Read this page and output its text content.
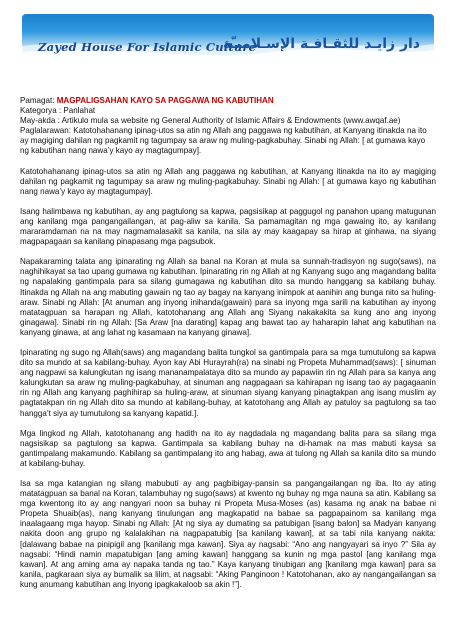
Zayed House For Islamic Culture
دار زايـد للثقـافـة الإسـلاميـّة

Pamagat: MAGPALIGSAHAN KAYO SA PAGGAWA NG KABUTIHAN

Kategorya : Panlahat

May-akda : Artikulo mula sa website ng General Authority of Islamic Affairs & Endowments (www.awqaf.ae)

Paglalarawan: Katotohahanang ipinag-utos sa atin ng Allah ang paggawa ng kabutihan, at Kanyang itinakda na ito ay magiging dahilan ng pagkamit ng tagumpay sa araw ng muling-pagkabuhay. Sinabi ng Allah: [ at gumawa kayo ng kabutihan nang nawa’y kayo ay magtagumpay].

Katotohahanang ipinag-utos sa atin ng Allah ang paggawa ng kabutihan, at Kanyang itinakda na ito ay magiging dahilan ng pagkamit ng tagumpay sa araw ng muling-pagkabuhay. Sinabi ng Allah: [ at gumawa kayo ng kabutihan nang nawa’y kayo ay magtagumpay].

Isang halimbawa ng kabutihan, ay ang pagtulong sa kapwa, pagsisikap at paggugol ng panahon upang matugunan ang kanilang mga pangangailangan, at pag-aliw sa kanila. Sa pamamagitan ng mga gawaing ito, ay kanilang mararamdaman na na may nagmamalasakit sa kanila, na sila ay may kaagapay sa hirap at ginhawa, na siyang magpapagaan sa kanilang pinapasang mga pagsubok.

Napakaraming talata ang ipinarating ng Allah sa banal na Koran at mula sa sunnah-tradisyon ng sugo(saws), na naghihikayat sa tao upang gumawa ng kabutihan. Ipinarating rin ng Allah at ng Kanyang sugo ang magandang balita ng napalaking gantimpala para sa silang gumagawa ng kabutihan dito sa mundo hanggang sa kabilang buhay. Itinakda ng Allah na ang mabuting gawain ng tao ay bagay na kanyang inimpok at aanihin ang bunga nito sa huling-araw. Sinabi ng Allah: [At anuman ang inyong inihanda(gawain) para sa inyong mga sarili na kabutihan ay inyong matatagpuan sa harapan ng Allah, katotohanang ang Allah ang Siyang nakakakita sa kung ano ang inyong ginagawa]. Sinabi rin ng Allah: [Sa Araw [na darating] kapag ang bawat tao ay haharapin lahat ang kabutihan na kanyang ginawa, at ang lahat ng kasamaan na kanyang ginawa].

Ipinarating ng sugo ng Allah(saws) ang magandang balita tungkol sa gantimpala para sa mga tumutulong sa kapwa dito sa mundo at sa kabilang-buhay. Ayon kay Abi Hurayrah(ra) na sinabi ng Propeta Muhammad(saws): [ sinuman ang nagpawi sa kalungkutan ng isang mananampalataya dito sa mundo ay papawiin rin ng Allah para sa kanya ang kalungkutan sa araw ng muling-pagkabuhay, at sinuman ang nagpagaan sa kahirapan ng isang tao ay pagagaanin rin ng Allah ang kanyang paghihirap sa huling-araw, at sinuman siyang kanyang pinagtakpan ang isang muslim ay pagtatakpan rin ng Allah dito sa mundo at kabilang-buhay, at katotohang ang Allah ay patuloy sa pagtulong sa tao hangga’t siya ay tumutulong sa kanyang kapatid.].

Mga lingkod ng Allah, katotohanang ang hadith na ito ay nagdadala ng magandang balita para sa silang mga nagsisikap sa pagtulong sa kapwa. Gantimpala sa kabilang buhay na di-hamak na mas mabuti kaysa sa gantimpalang makamundo. Kabilang sa gantimpalang ito ang habag, awa at tulong ng Allah sa kanila dito sa mundo at kabilang-buhay.

Isa sa mga katangian ng silang mabubuti ay ang pagbibigay-pansin sa pangangailangan ng iba. Ito ay ating matatagpuan sa banal na Koran, talambuhay ng sugo(saws) at kwento ng buhay ng mga nauna sa atin. Kabilang sa mga kwentong ito ay ang nangyari noon sa buhay ni Propeta Musa-Moses (as) kasama ng anak na babae ni Propeta Shuaib(as), nang kanyang tinulungan ang magkapatid na babae sa pagpapainom sa kanilang mga inaalagaang mga hayop. Sinabi ng Allah: [At ng siya ay dumating sa patubigan [isang balon] sa Madyan kanyang nakita doon ang grupo ng kalalakihan na nagpapatubig [sa kanilang kawan], at sa tabi nila kanyang nakita: [dalawang babae na pinipigil ang [kanilang mga kawan]. Siya ay nagsabi: “Ano ang nangyayari sa inyo ?” Sila ay nagsabi: “Hindi namin mapatubigan [ang aming kawan] hanggang sa kunin ng mga pastol [ang kanilang mga kawan]. At ang aming ama ay napaka tanda ng tao.” Kaya kanyang tinubigan ang [kanilang mga kawan] para sa kanila, pagkaraan siya ay bumalik sa lilim, at nagsabi: “Aking Panginoon ! Katotohanan, ako ay nangangailangan sa kung anumang kabutihan ang Inyong ipagkakaloob sa akin !”].
